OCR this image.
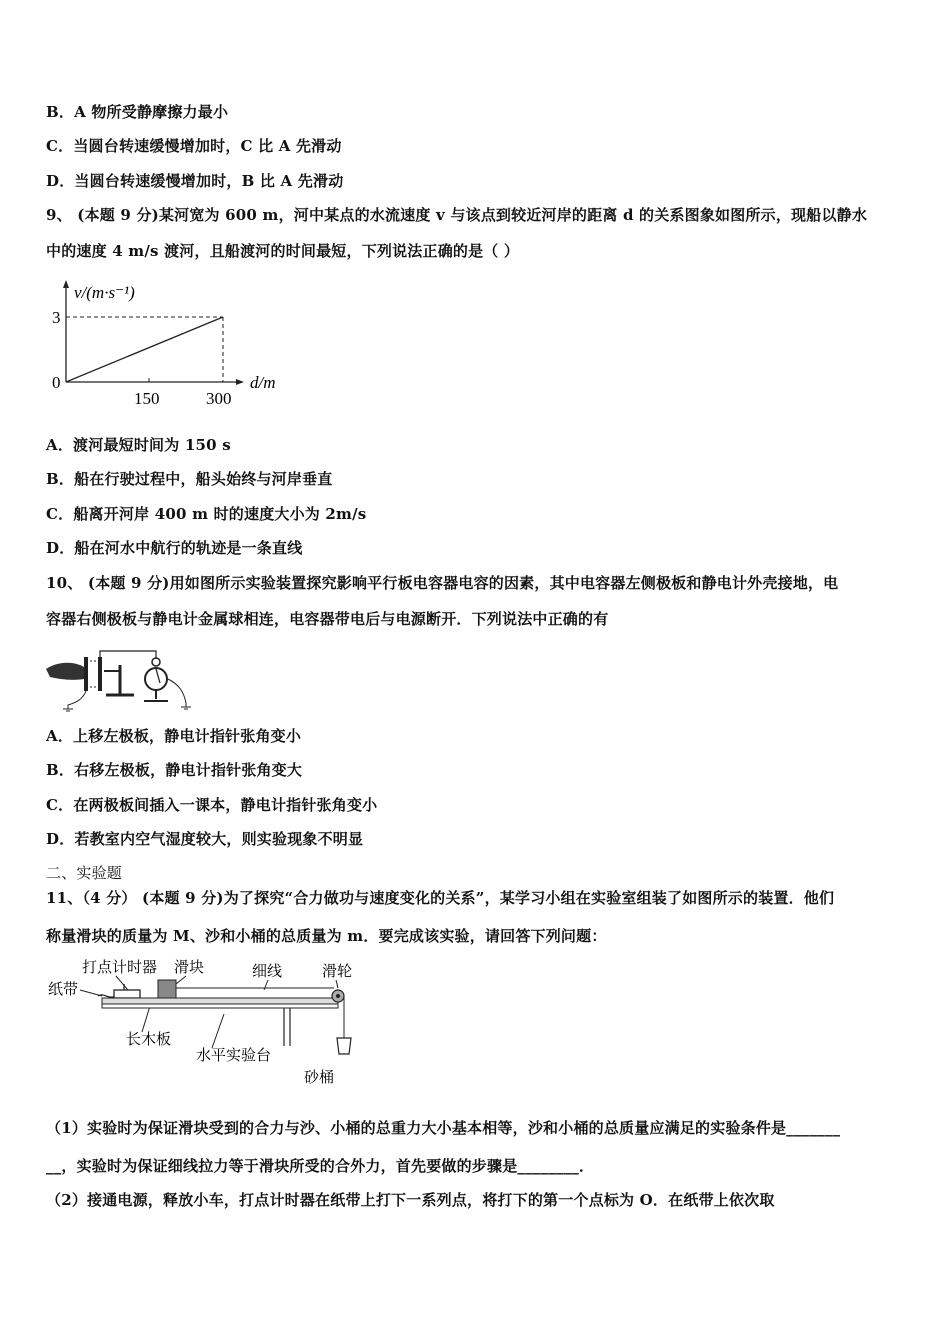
B．A 物所受静摩擦力最小
C．当圆台转速缓慢增加时，C 比 A 先滑动
D．当圆台转速缓慢增加时，B 比 A 先滑动
9、 (本题 9 分)某河宽为 600 m，河中某点的水流速度 v 与该点到较近河岸的距离 d 的关系图象如图所示，现船以静水
中的速度 4 m/s 渡河，且船渡河的时间最短，下列说法正确的是（ ）
v/(m·s⁻¹)
3
0
150	300
d/m
A．渡河最短时间为 150 s
B．船在行驶过程中，船头始终与河岸垂直
C．船离开河岸 400 m 时的速度大小为 2m/s
D．船在河水中航行的轨迹是一条直线
10、 (本题 9 分)用如图所示实验装置探究影响平行板电容器电容的因素，其中电容器左侧极板和静电计外壳接地，电
容器右侧极板与静电计金属球相连，电容器带电后与电源断开．下列说法中正确的有
A．上移左极板，静电计指针张角变小
B．右移左极板，静电计指针张角变大
C．在两极板间插入一课本，静电计指针张角变小
D．若教室内空气湿度较大，则实验现象不明显
二、实验题
11、（4 分） (本题 9 分)为了探究“合力做功与速度变化的关系”，某学习小组在实验室组装了如图所示的装置．他们
称量滑块的质量为 M、沙和小桶的总质量为 m．要完成该实验，请回答下列问题：
打点计时器 滑块	细线	滑轮
纸带
长木板
水平实验台
砂桶
（1）实验时为保证滑块受到的合力与沙、小桶的总重力大小基本相等，沙和小桶的总质量应满足的实验条件是_______
__，实验时为保证细线拉力等于滑块所受的合外力，首先要做的步骤是________．
（2）接通电源，释放小车，打点计时器在纸带上打下一系列点，将打下的第一个点标为 O．在纸带上依次取
